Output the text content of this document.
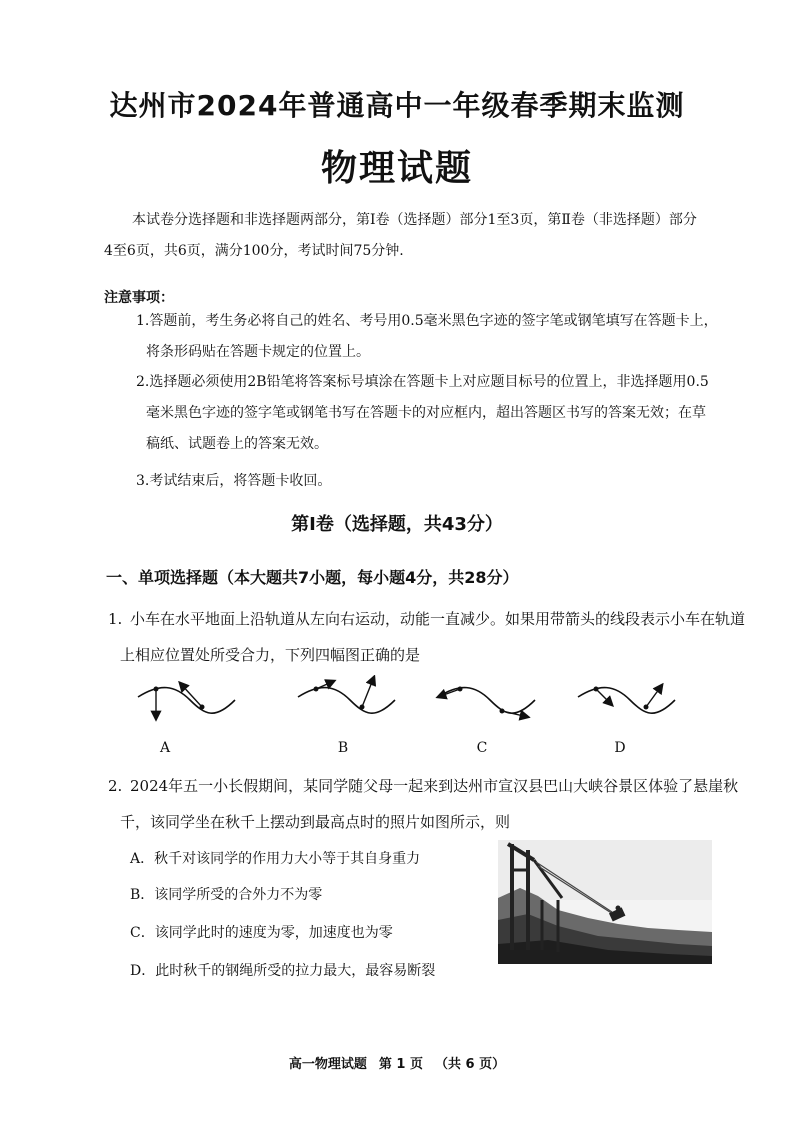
达州市2024年普通高中一年级春季期末监测
物理试题
本试卷分选择题和非选择题两部分，第Ⅰ卷（选择题）部分1至3页，第Ⅱ卷（非选择题）部分
4至6页，共6页，满分100分，考试时间75分钟.
注意事项：
1.答题前，考生务必将自己的姓名、考号用0.5毫米黑色字迹的签字笔或钢笔填写在答题卡上，
将条形码贴在答题卡规定的位置上。
2.选择题必须使用2B铅笔将答案标号填涂在答题卡上对应题目标号的位置上，非选择题用0.5
毫米黑色字迹的签字笔或钢笔书写在答题卡的对应框内，超出答题区书写的答案无效；在草
稿纸、试题卷上的答案无效。
3.考试结束后，将答题卡收回。
第Ⅰ卷（选择题，共43分）
一、单项选择题（本大题共7小题，每小题4分，共28分）
1. 小车在水平地面上沿轨道从左向右运动，动能一直减少。如果用带箭头的线段表示小车在轨道
上相应位置处所受合力，下列四幅图正确的是
A	B	C	D
2. 2024年五一小长假期间，某同学随父母一起来到达州市宣汉县巴山大峡谷景区体验了悬崖秋
千，该同学坐在秋千上摆动到最高点时的照片如图所示，则
A．秋千对该同学的作用力大小等于其自身重力
B．该同学所受的合外力不为零
C．该同学此时的速度为零，加速度也为零
D．此时秋千的钢绳所受的拉力最大，最容易断裂
高一物理试题 第 1 页 （共 6 页）
